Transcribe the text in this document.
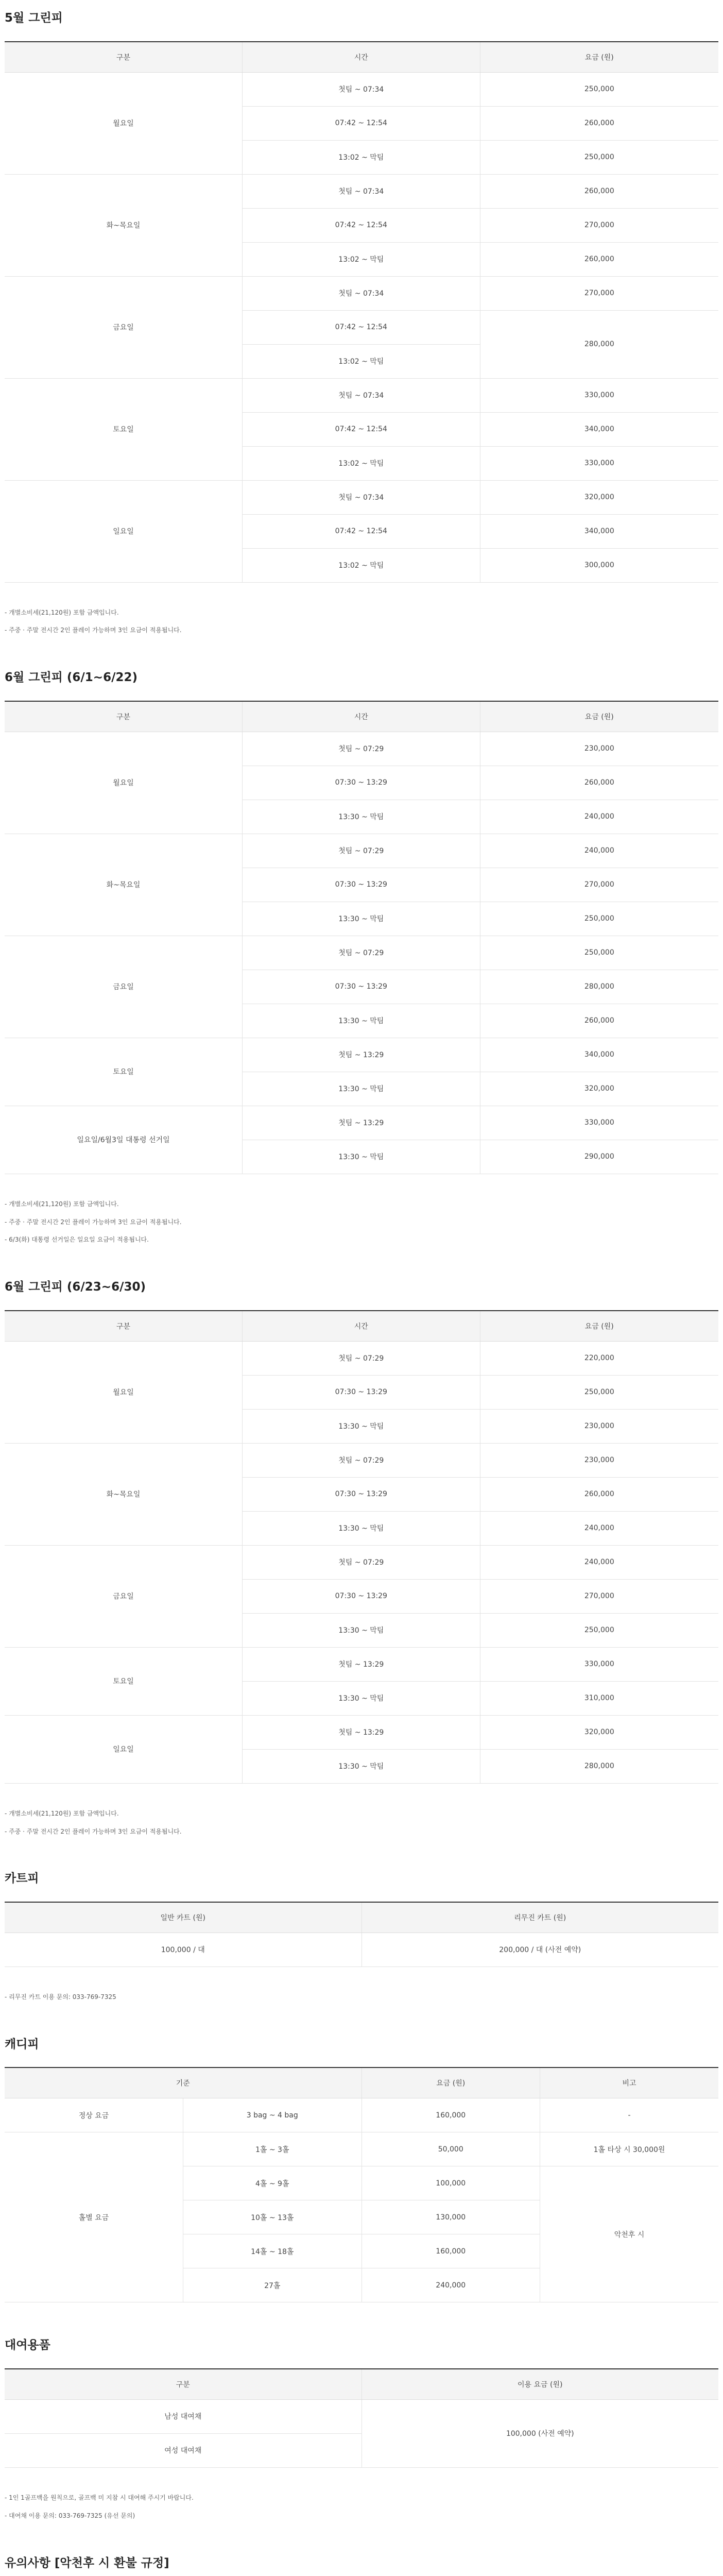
5월 그린피
구분	시간	요금 (원)
월요일	첫팀 ~ 07:34	250,000
	07:42 ~ 12:54	260,000
	13:02 ~ 막팀	250,000
화~목요일	첫팀 ~ 07:34	260,000
	07:42 ~ 12:54	270,000
	13:02 ~ 막팀	260,000
금요일	첫팀 ~ 07:34	270,000
	07:42 ~ 12:54	280,000
	13:02 ~ 막팀	
토요일	첫팀 ~ 07:34	330,000
	07:42 ~ 12:54	340,000
	13:02 ~ 막팀	330,000
일요일	첫팀 ~ 07:34	320,000
	07:42 ~ 12:54	340,000
	13:02 ~ 막팀	300,000

- 개별소비세(21,120원) 포함 금액입니다.

- 주중 · 주말 전시간 2인 플레이 가능하며 3인 요금이 적용됩니다.

6월 그린피 (6/1~6/22)
구분	시간	요금 (원)
월요일	첫팀 ~ 07:29	230,000
	07:30 ~ 13:29	260,000
	13:30 ~ 막팀	240,000
화~목요일	첫팀 ~ 07:29	240,000
	07:30 ~ 13:29	270,000
	13:30 ~ 막팀	250,000
금요일	첫팀 ~ 07:29	250,000
	07:30 ~ 13:29	280,000
	13:30 ~ 막팀	260,000
토요일	첫팀 ~ 13:29	340,000
	13:30 ~ 막팀	320,000
일요일/6월3일 대통령 선거일	첫팀 ~ 13:29	330,000
	13:30 ~ 막팀	290,000

- 개별소비세(21,120원) 포함 금액입니다.

- 주중 · 주말 전시간 2인 플레이 가능하며 3인 요금이 적용됩니다.

- 6/3(화) 대통령 선거일은 일요일 요금이 적용됩니다.

6월 그린피 (6/23~6/30)
구분	시간	요금 (원)
월요일	첫팀 ~ 07:29	220,000
	07:30 ~ 13:29	250,000
	13:30 ~ 막팀	230,000
화~목요일	첫팀 ~ 07:29	230,000
	07:30 ~ 13:29	260,000
	13:30 ~ 막팀	240,000
금요일	첫팀 ~ 07:29	240,000
	07:30 ~ 13:29	270,000
	13:30 ~ 막팀	250,000
토요일	첫팀 ~ 13:29	330,000
	13:30 ~ 막팀	310,000
일요일	첫팀 ~ 13:29	320,000
	13:30 ~ 막팀	280,000

- 개별소비세(21,120원) 포함 금액입니다.

- 주중 · 주말 전시간 2인 플레이 가능하며 3인 요금이 적용됩니다.

카트피
일반 카트 (원)	리무진 카트 (원)
100,000 / 대	200,000 / 대 (사전 예약)

- 리무진 카트 이용 문의: 033-769-7325

캐디피
기준		요금 (원)	비고
정상 요금	3 bag ~ 4 bag	160,000	-
홀별 요금	1홀 ~ 3홀	50,000	1홀 타상 시 30,000원
	4홀 ~ 9홀	100,000	악천후 시
	10홀 ~ 13홀	130,000	
	14홀 ~ 18홀	160,000	
	27홀	240,000	
대여용품
구분	이용 요금 (원)
남성 대여채	100,000 (사전 예약)
여성 대여채	

- 1인 1골프백을 원칙으로, 골프백 미 지참 시 대여해 주시기 바랍니다.

- 대여채 이용 문의: 033-769-7325 (유선 문의)

유의사항 [악천후 시 환불 규정]
